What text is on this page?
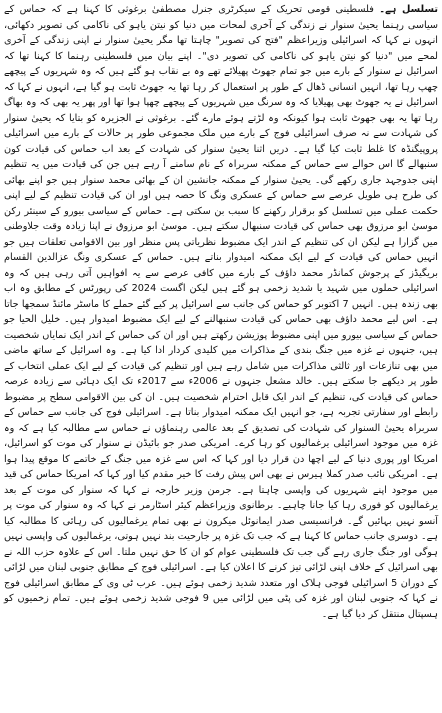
تسلسل ہے۔ فلسطینی قومی تحریک کے سیکرٹری جنرل مصطفیٰ برغوثی کا کہنا ہے کہ حماس کے سیاسی رہنما یحییٰ سنوار نے زندگی کے آخری لمحات میں دنیا کو نیتن یاہو کی ناکامی کی تصویر دکھائی، انہوں نے کہا کہ اسرائیلی وزیراعظم "فتح کی تصویر" چاہتا تھا مگر یحییٰ سنوار نے اپنی زندگی کے آخری لمحے میں "دنیا کو نیتن یاہو کی ناکامی کی تصویر دی"۔ اپنے بیان میں فلسطینی رہنما کا کہنا تھا کہ اسرائیل نے سنوار کے بارے میں جو تمام جھوٹ پھیلائے تھے وہ بے نقاب ہو گئے ہیں کہ وہ شہریوں کے پیچھے چھپ رہا تھا، انہیں انسانی ڈھال کے طور پر استعمال کر رہا تھا یہ جھوٹ ثابت ہو گیا ہے، انہوں نے کہا کہ اسرائیل نے یہ جھوٹ بھی پھیلایا کہ وہ سرنگ میں شہریوں کے پیچھے چھپا ہوا تھا اور پھر یہ بھی کہ وہ بھاگ رہا تھا یہ بھی جھوٹ ثابت ہوا کیونکہ وہ لڑتے ہوئے مارے گئے۔ برغوثی نے الجزیرہ کو بتایا کہ یحییٰ سنوار کی شہادت سے نہ صرف اسرائیلی فوج کے بارے میں ملک مجموعی طور پر حالات کے بارے میں اسرائیلی پروپیگنڈہ کا غلط ثابت کیا گیا ہے۔ دریں اثنا یحییٰ سنوار کی شہادت کے بعد اب حماس کی قیادت کون سنبھالے گا اس حوالے سے حماس کے ممکنہ سربراہ کے نام سامنے آ رہے ہیں جن کی قیادت میں یہ تنظیم اپنی جدوجہد جاری رکھے گی۔ یحییٰ سنوار کے ممکنہ جانشین ان کے بھائی محمد سنوار ہیں جو اپنے بھائی کی طرح ہی طویل عرصے سے حماس کے عسکری ونگ کا حصہ ہیں اور ان کی قیادت تنظیم کے لیے اپنی حکمت عملی میں تسلسل کو برقرار رکھنے کا سبب بن سکتی ہے۔ حماس کے سیاسی بیورو کے سینئر رکن موسیٰ ابو مرزوق بھی حماس کی قیادت سنبھال سکتے ہیں۔ موسیٰ ابو مرزوق نے اپنا زیادہ وقت جلاوطنی میں گزارا ہے لیکن ان کی تنظیم کے اندر ایک مضبوط نظریاتی پس منظر اور بین الاقوامی تعلقات ہیں جو انہیں حماس کی قیادت کے لیے ایک ممکنہ امیدوار بناتے ہیں۔ حماس کے عسکری ونگ عزالدین القسام بریگیڈز کے پرجوش کمانڈر محمد داؤف کے بارے میں کافی عرصے سے یہ افواہیں آتی رہی ہیں کہ وہ اسرائیلی حملوں میں شہید یا شدید زخمی ہو گئے ہیں لیکن اگست 2024 کی رپورٹس کے مطابق وہ اب بھی زندہ ہیں۔ انہیں 7 اکتوبر کو حماس کی جانب سے اسرائیل پر کیے گئے حملے کا ماسٹر مائنڈ سمجھا جاتا ہے۔ اس لیے محمد داؤف بھی حماس کی قیادت سنبھالنے کے لیے ایک مضبوط امیدوار ہیں۔ خلیل الحیا جو حماس کے سیاسی بیورو میں اپنی مضبوط پوزیشن رکھتے ہیں اور ان کی حماس کے اندر ایک نمایاں شخصیت ہیں، جنہوں نے غزہ میں جنگ بندی کے مذاکرات میں کلیدی کردار ادا کیا ہے۔ وہ اسرائیل کے ساتھ ماضی میں بھی تنازعات اور ثالثی مذاکرات میں شامل رہے ہیں اور تنظیم کی قیادت کے لیے ایک عملی انتخاب کے طور پر دیکھے جا سکتے ہیں۔ خالد مشعل جنہوں نے 2006ء سے 2017ء تک ایک دہائی سے زیادہ عرصہ حماس کی قیادت کی، تنظیم کے اندر ایک قابل احترام شخصیت ہیں۔ ان کی بین الاقوامی سطح پر مضبوط رابطے اور سفارتی تجربہ ہے، جو انہیں ایک ممکنہ امیدوار بناتا ہے۔ اسرائیلی فوج کی جانب سے حماس کے سربراہ یحییٰ السنوار کی شہادت کی تصدیق کے بعد عالمی رہنماؤں نے حماس سے مطالبہ کیا ہے کہ وہ غزہ میں موجود اسرائیلی یرغمالیوں کو رہا کرے۔ امریکی صدر جو بائیڈن نے سنوار کی موت کو اسرائیل، امریکا اور پوری دنیا کے لیے اچھا دن قرار دیا اور کہا کہ اس سے غزہ میں جنگ کے خاتمے کا موقع پیدا ہوا ہے۔ امریکی نائب صدر کملا ہیرس نے بھی اس پیش رفت کا خیر مقدم کیا اور کہا کہ امریکا حماس کی قید میں موجود اپنے شہریوں کی واپسی چاہتا ہے۔ جرمن وزیر خارجہ نے کہا کہ سنوار کی موت کے بعد یرغمالیوں کو فوری رہا کیا جانا چاہیے۔ برطانوی وزیراعظم کیئر اسٹارمر نے کہا کہ وہ سنوار کی موت پر آنسو نہیں بہائیں گے۔ فرانسیسی صدر ایمانوئل میکرون نے بھی تمام یرغمالیوں کی رہائی کا مطالبہ کیا ہے۔ دوسری جانب حماس کا کہنا ہے کہ جب تک غزہ پر جارحیت بند نہیں ہوتی، یرغمالیوں کی واپسی نہیں ہوگی اور جنگ جاری رہے گی جب تک فلسطینی عوام کو ان کا حق نہیں ملتا۔ اس کے علاوہ حزب اللہ نے بھی اسرائیل کے خلاف اپنی لڑائی تیز کرنے کا اعلان کیا ہے۔ اسرائیلی فوج کے مطابق جنوبی لبنان میں لڑائی کے دوران 5 اسرائیلی فوجی ہلاک اور متعدد شدید زخمی ہوئے ہیں۔ عرب ٹی وی کے مطابق اسرائیلی فوج نے کہا کہ جنوبی لبنان اور غزہ کی پٹی میں لڑائی میں 9 فوجی شدید زخمی ہوئے ہیں۔ تمام زخمیوں کو ہسپتال منتقل کر دیا گیا ہے۔
